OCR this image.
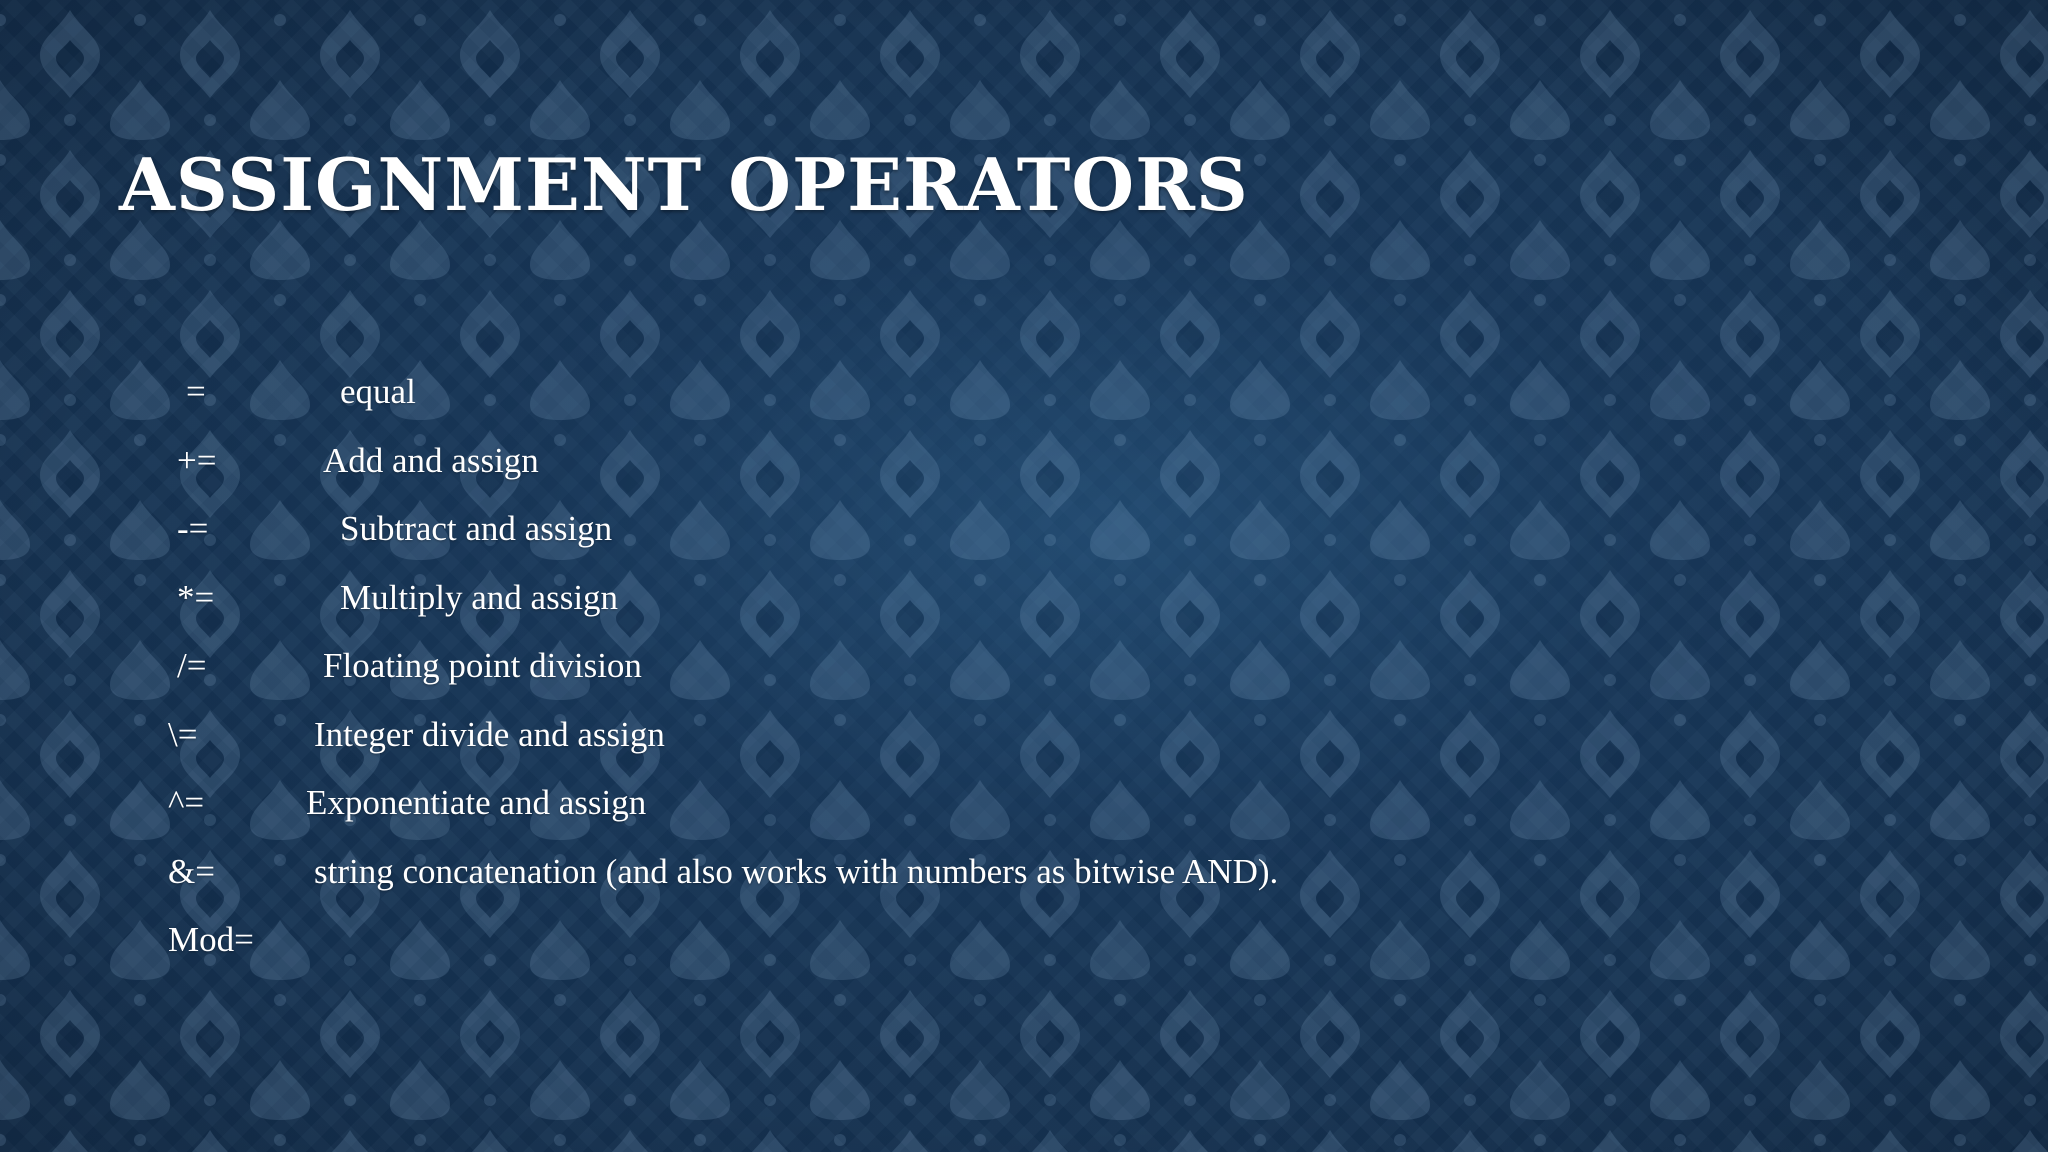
ASSIGNMENT OPERATORS
=	equal
+=	Add and assign
-=	Subtract and assign
*=	Multiply and assign
/=	Floating point division
\=	Integer divide and assign
^=	Exponentiate and assign
&=	string concatenation (and also works with numbers as bitwise AND).
Mod=
